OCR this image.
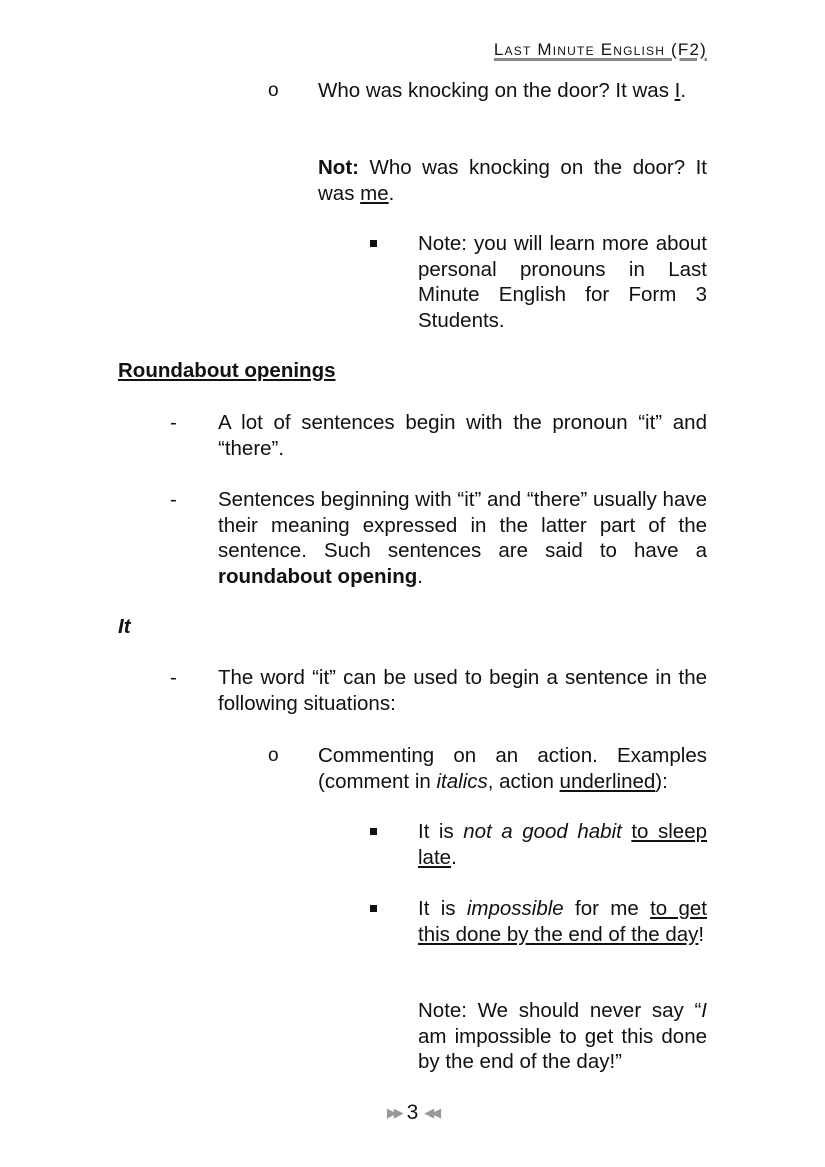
Last Minute English (F2)
o Who was knocking on the door? It was I.
Not: Who was knocking on the door? It was me.
Note: you will learn more about personal pronouns in Last Minute English for Form 3 Students.
Roundabout openings
- A lot of sentences begin with the pronoun “it” and “there”.
- Sentences beginning with “it” and “there” usually have their meaning expressed in the latter part of the sentence. Such sentences are said to have a roundabout opening.
It
- The word “it” can be used to begin a sentence in the following situations:
o Commenting on an action. Examples (comment in italics, action underlined):
It is not a good habit to sleep late.
It is impossible for me to get this done by the end of the day!
Note: We should never say “I am impossible to get this done by the end of the day!”
▶▶ 3 ◀◀
